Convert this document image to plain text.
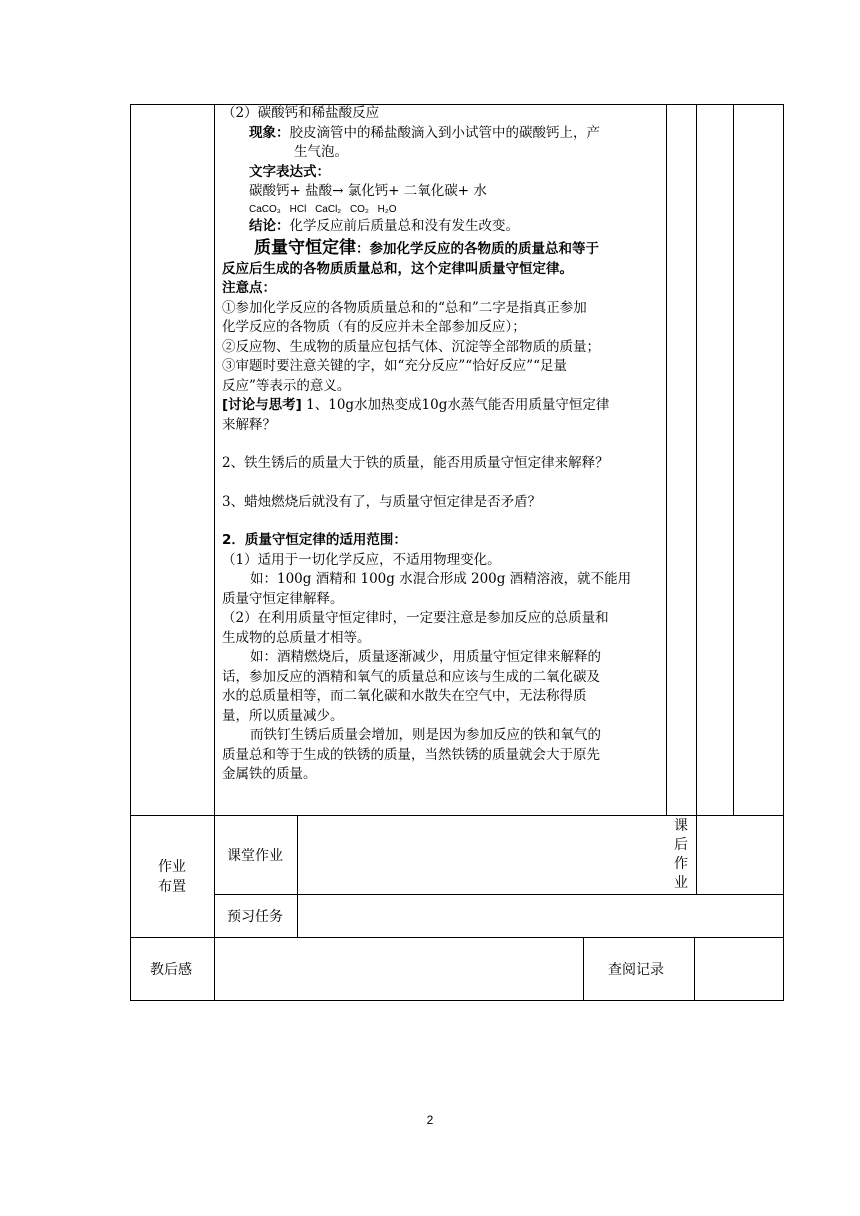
（2）碳酸钙和稀盐酸反应

现象：胶皮滴管中的稀盐酸滴入到小试管中的碳酸钙上，产

生气泡。

文字表达式：

碳酸钙+ 盐酸→ 氯化钙+ 二氧化碳+ 水

CaCO₃ HCl CaCl₂ CO₂ H₂O

结论：化学反应前后质量总和没有发生改变。

质量守恒定律：参加化学反应的各物质的质量总和等于

反应后生成的各物质质量总和，这个定律叫质量守恒定律。

注意点：

①参加化学反应的各物质质量总和的“总和”二字是指真正参加

化学反应的各物质（有的反应并未全部参加反应）；

②反应物、生成物的质量应包括气体、沉淀等全部物质的质量；

③审题时要注意关键的字，如“充分反应”“恰好反应”“足量

反应”等表示的意义。

[讨论与思考] 1、10g水加热变成10g水蒸气能否用质量守恒定律

来解释？

2、铁生锈后的质量大于铁的质量，能否用质量守恒定律来解释？

3、蜡烛燃烧后就没有了，与质量守恒定律是否矛盾？

2．质量守恒定律的适用范围：

（1）适用于一切化学反应，不适用物理变化。

如：100g 酒精和 100g 水混合形成 200g 酒精溶液，就不能用

质量守恒定律解释。

（2）在利用质量守恒定律时，一定要注意是参加反应的总质量和

生成物的总质量才相等。

如：酒精燃烧后，质量逐渐减少，用质量守恒定律来解释的

话，参加反应的酒精和氧气的质量总和应该与生成的二氧化碳及

水的总质量相等，而二氧化碳和水散失在空气中，无法称得质

量，所以质量减少。

而铁钉生锈后质量会增加，则是因为参加反应的铁和氧气的

质量总和等于生成的铁锈的质量，当然铁锈的质量就会大于原先

金属铁的质量。

作业
布置
课堂作业
课
后
作
业
预习任务
教后感	查阅记录
2
